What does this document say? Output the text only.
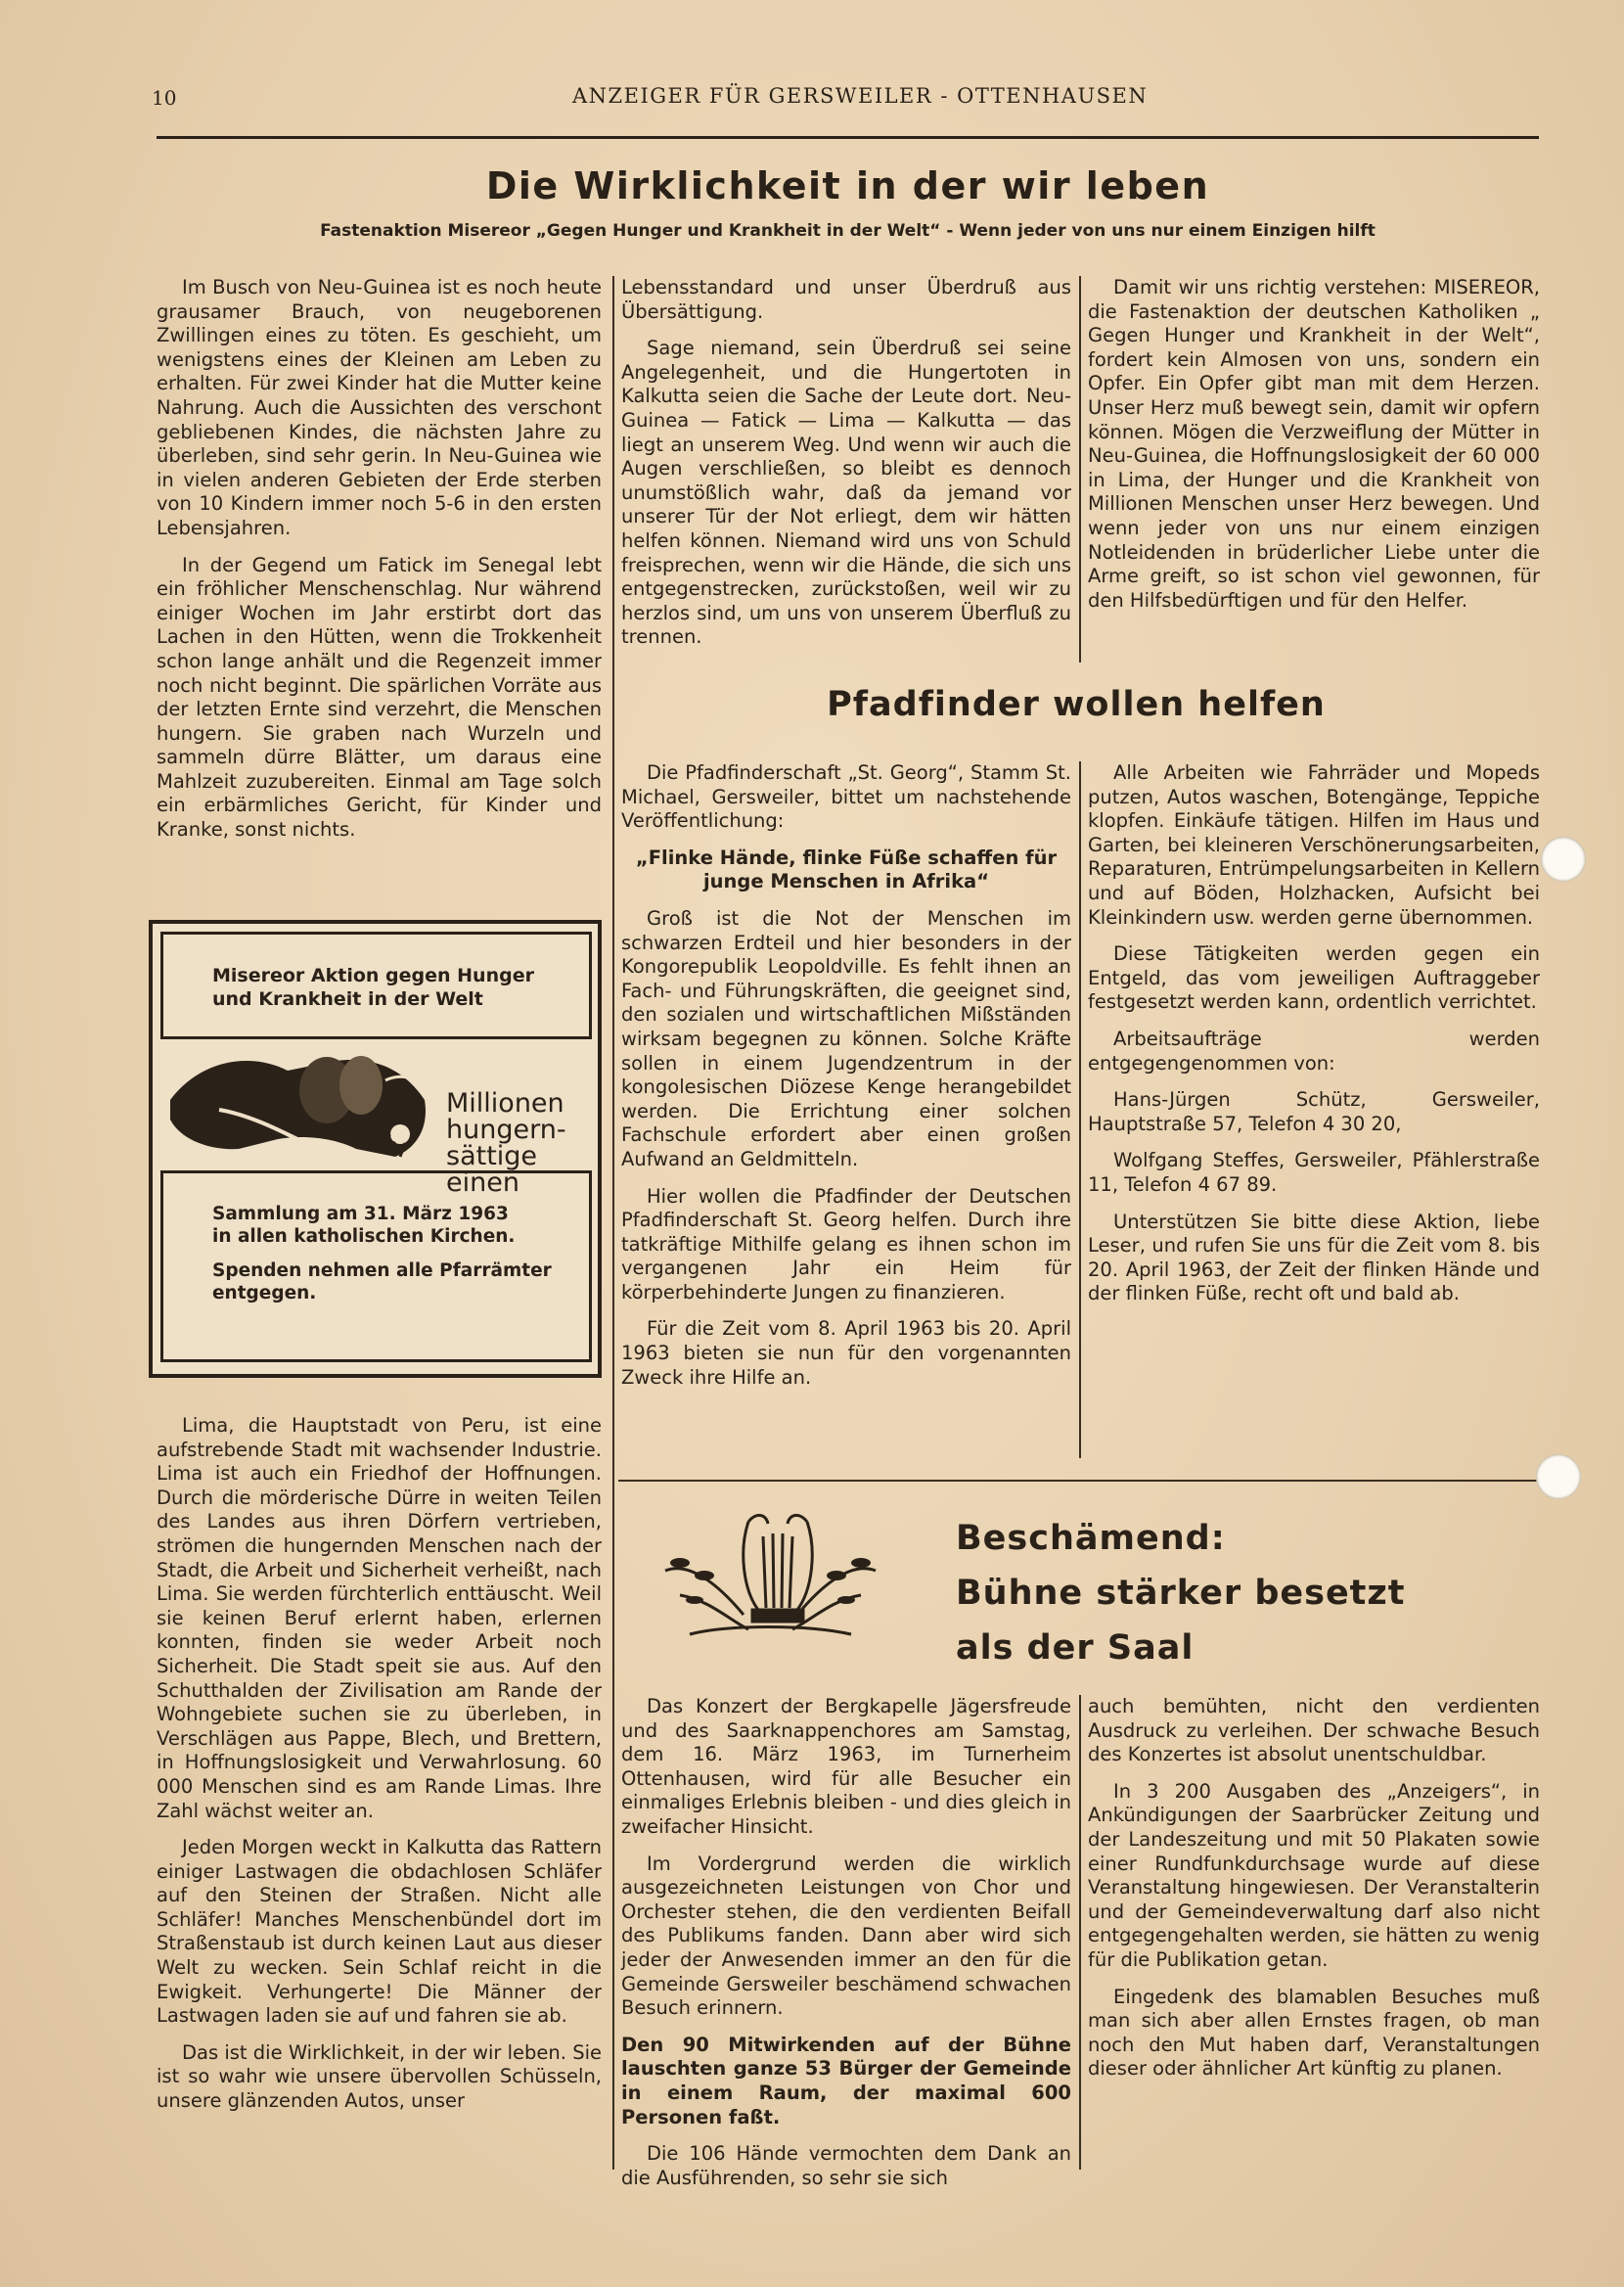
10	ANZEIGER FÜR GERSWEILER - OTTENHAUSEN
Die Wirklichkeit in der wir leben
Fastenaktion Misereor „Gegen Hunger und Krankheit in der Welt“ - Wenn jeder von uns nur einem Einzigen hilft

Im Busch von Neu-Guinea ist es noch heute grausamer Brauch, von neugeborenen Zwillingen eines zu töten. Es geschieht, um wenigstens eines der Kleinen am Leben zu erhalten. Für zwei Kinder hat die Mutter keine Nahrung. Auch die Aussichten des verschont gebliebenen Kindes, die nächsten Jahre zu überleben, sind sehr gerin. In Neu-Guinea wie in vielen anderen Gebieten der Erde sterben von 10 Kindern immer noch 5-6 in den ersten Lebensjahren.

In der Gegend um Fatick im Senegal lebt ein fröhlicher Menschenschlag. Nur während einiger Wochen im Jahr erstirbt dort das Lachen in den Hütten, wenn die Trokkenheit schon lange anhält und die Regenzeit immer noch nicht beginnt. Die spärlichen Vorräte aus der letzten Ernte sind verzehrt, die Menschen hungern. Sie graben nach Wurzeln und sammeln dürre Blätter, um daraus eine Mahlzeit zuzubereiten. Einmal am Tage solch ein erbärmliches Gericht, für Kinder und Kranke, sonst nichts.

Misereor Aktion gegen Hunger
und Krankheit in der Welt
Millionen
hungern-
sättige
einen
Sammlung am 31. März 1963
in allen katholischen Kirchen.
Spenden nehmen alle Pfarrämter
entgegen.

Lima, die Hauptstadt von Peru, ist eine aufstrebende Stadt mit wachsender Industrie. Lima ist auch ein Friedhof der Hoffnungen. Durch die mörderische Dürre in weiten Teilen des Landes aus ihren Dörfern vertrieben, strömen die hungernden Menschen nach der Stadt, die Arbeit und Sicherheit verheißt, nach Lima. Sie werden fürchterlich enttäuscht. Weil sie keinen Beruf erlernt haben, erlernen konnten, finden sie weder Arbeit noch Sicherheit. Die Stadt speit sie aus. Auf den Schutthalden der Zivilisation am Rande der Wohngebiete suchen sie zu überleben, in Verschlägen aus Pappe, Blech, und Brettern, in Hoffnungslosigkeit und Verwahrlosung. 60 000 Menschen sind es am Rande Limas. Ihre Zahl wächst weiter an.

Jeden Morgen weckt in Kalkutta das Rattern einiger Lastwagen die obdachlosen Schläfer auf den Steinen der Straßen. Nicht alle Schläfer! Manches Menschenbündel dort im Straßenstaub ist durch keinen Laut aus dieser Welt zu wecken. Sein Schlaf reicht in die Ewigkeit. Verhungerte! Die Männer der Lastwagen laden sie auf und fahren sie ab.

Das ist die Wirklichkeit, in der wir leben. Sie ist so wahr wie unsere übervollen Schüsseln, unsere glänzenden Autos, unser

Lebensstandard und unser Überdruß aus Übersättigung.

Sage niemand, sein Überdruß sei seine Angelegenheit, und die Hungertoten in Kalkutta seien die Sache der Leute dort. Neu-Guinea — Fatick — Lima — Kalkutta — das liegt an unserem Weg. Und wenn wir auch die Augen verschließen, so bleibt es dennoch unumstößlich wahr, daß da jemand vor unserer Tür der Not erliegt, dem wir hätten helfen können. Niemand wird uns von Schuld freisprechen, wenn wir die Hände, die sich uns entgegenstrecken, zurückstoßen, weil wir zu herzlos sind, um uns von unserem Überfluß zu trennen.

Damit wir uns richtig verstehen: MISEREOR, die Fastenaktion der deutschen Katholiken „ Gegen Hunger und Krankheit in der Welt“, fordert kein Almosen von uns, sondern ein Opfer. Ein Opfer gibt man mit dem Herzen. Unser Herz muß bewegt sein, damit wir opfern können. Mögen die Verzweiflung der Mütter in Neu-Guinea, die Hoffnungslosigkeit der 60 000 in Lima, der Hunger und die Krankheit von Millionen Menschen unser Herz bewegen. Und wenn jeder von uns nur einem einzigen Notleidenden in brüderlicher Liebe unter die Arme greift, so ist schon viel gewonnen, für den Hilfsbedürftigen und für den Helfer.

Pfadfinder wollen helfen

Die Pfadfinderschaft „St. Georg“, Stamm St. Michael, Gersweiler, bittet um nachstehende Veröffentlichung:

„Flinke Hände, flinke Füße schaffen für junge Menschen in Afrika“

Groß ist die Not der Menschen im schwarzen Erdteil und hier besonders in der Kongorepublik Leopoldville. Es fehlt ihnen an Fach- und Führungskräften, die geeignet sind, den sozialen und wirtschaftlichen Mißständen wirksam begegnen zu können. Solche Kräfte sollen in einem Jugendzentrum in der kongolesischen Diözese Kenge herangebildet werden. Die Errichtung einer solchen Fachschule erfordert aber einen großen Aufwand an Geldmitteln.

Hier wollen die Pfadfinder der Deutschen Pfadfinderschaft St. Georg helfen. Durch ihre tatkräftige Mithilfe gelang es ihnen schon im vergangenen Jahr ein Heim für körperbehinderte Jungen zu finanzieren.

Für die Zeit vom 8. April 1963 bis 20. April 1963 bieten sie nun für den vorgenannten Zweck ihre Hilfe an.

Alle Arbeiten wie Fahrräder und Mopeds putzen, Autos waschen, Botengänge, Teppiche klopfen. Einkäufe tätigen. Hilfen im Haus und Garten, bei kleineren Verschönerungsarbeiten, Reparaturen, Entrümpelungsarbeiten in Kellern und auf Böden, Holzhacken, Aufsicht bei Kleinkindern usw. werden gerne übernommen.

Diese Tätigkeiten werden gegen ein Entgeld, das vom jeweiligen Auftraggeber festgesetzt werden kann, ordentlich verrichtet.

Arbeitsaufträge werden entgegengenommen von:

Hans-Jürgen Schütz, Gersweiler, Hauptstraße 57, Telefon 4 30 20,

Wolfgang Steffes, Gersweiler, Pfählerstraße 11, Telefon 4 67 89.

Unterstützen Sie bitte diese Aktion, liebe Leser, und rufen Sie uns für die Zeit vom 8. bis 20. April 1963, der Zeit der flinken Hände und der flinken Füße, recht oft und bald ab.

Beschämend:
Bühne stärker besetzt
als der Saal

Das Konzert der Bergkapelle Jägersfreude und des Saarknappenchores am Samstag, dem 16. März 1963, im Turnerheim Ottenhausen, wird für alle Besucher ein einmaliges Erlebnis bleiben - und dies gleich in zweifacher Hinsicht.

Im Vordergrund werden die wirklich ausgezeichneten Leistungen von Chor und Orchester stehen, die den verdienten Beifall des Publikums fanden. Dann aber wird sich jeder der Anwesenden immer an den für die Gemeinde Gersweiler beschämend schwachen Besuch erinnern.

Den 90 Mitwirkenden auf der Bühne lauschten ganze 53 Bürger der Gemeinde in einem Raum, der maximal 600 Personen faßt.

Die 106 Hände vermochten dem Dank an die Ausführenden, so sehr sie sich

auch bemühten, nicht den verdienten Ausdruck zu verleihen. Der schwache Besuch des Konzertes ist absolut unentschuldbar.

In 3 200 Ausgaben des „Anzeigers“, in Ankündigungen der Saarbrücker Zeitung und der Landeszeitung und mit 50 Plakaten sowie einer Rundfunkdurchsage wurde auf diese Veranstaltung hingewiesen. Der Veranstalterin und der Gemeindeverwaltung darf also nicht entgegengehalten werden, sie hätten zu wenig für die Publikation getan.

Eingedenk des blamablen Besuches muß man sich aber allen Ernstes fragen, ob man noch den Mut haben darf, Veranstaltungen dieser oder ähnlicher Art künftig zu planen.
